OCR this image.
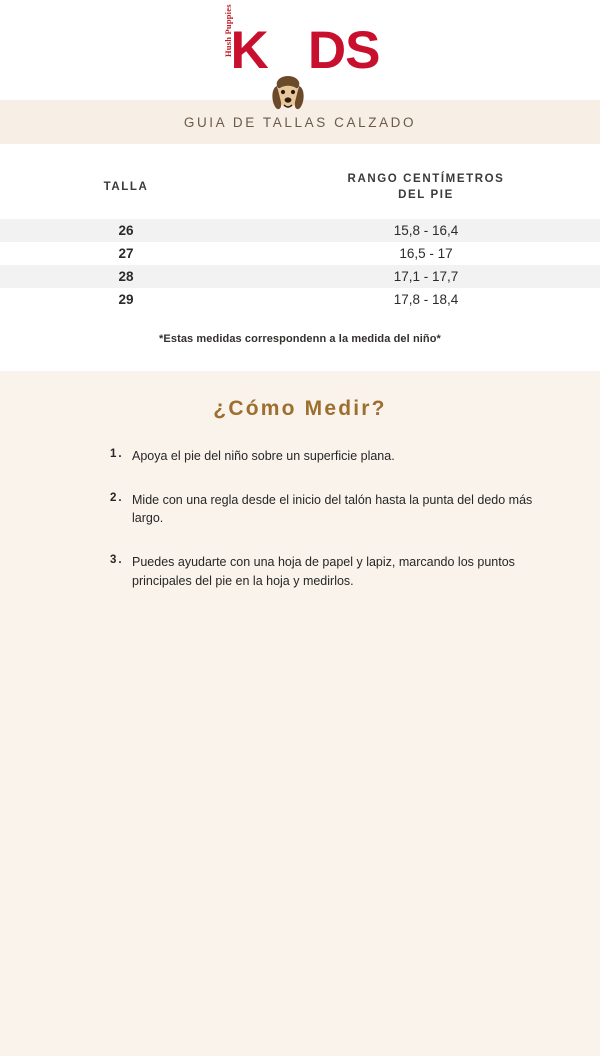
Hush Puppies
K DS
GUIA DE TALLAS CALZADO
TALLA	RANGO CENTÍMETROS
DEL PIE
26	15,8 - 16,4
27	16,5 - 17
28	17,1 - 17,7
29	17,8 - 18,4
*Estas medidas correspondenn a la medida del niño*
¿Cómo Medir?
1. Apoya el pie del niño sobre un superficie plana.
2. Mide con una regla desde el inicio del talón hasta la punta del dedo más largo.
3. Puedes ayudarte con una hoja de papel y lapiz, marcando los puntos principales del pie en la hoja y medirlos.
